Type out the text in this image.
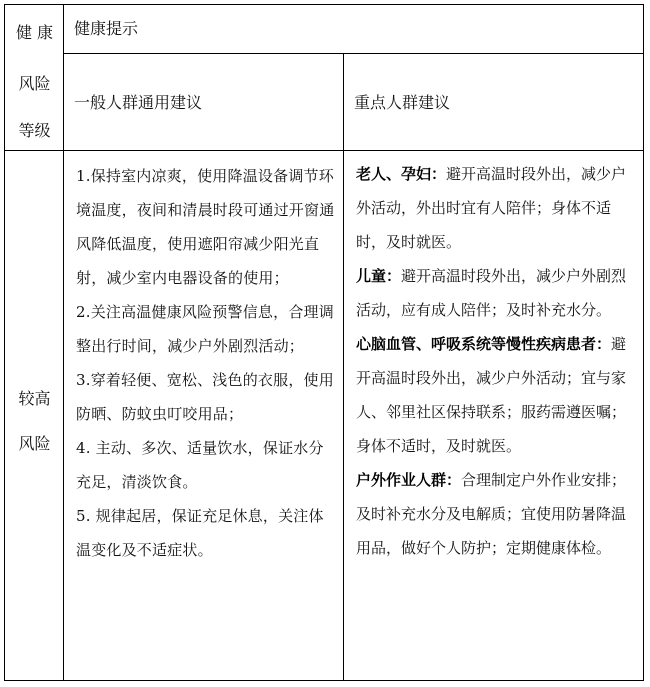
健 康
风险
等级
健康提示
一般人群通用建议	重点人群建议
较高
风险

1.保持室内凉爽，使用降温设备调节环境温度，夜间和清晨时段可通过开窗通风降低温度，使用遮阳帘减少阳光直射，减少室内电器设备的使用；

2.关注高温健康风险预警信息，合理调整出行时间，减少户外剧烈活动；

3.穿着轻便、宽松、浅色的衣服，使用防晒、防蚊虫叮咬用品；

4. 主动、多次、适量饮水，保证水分充足，清淡饮食。

5. 规律起居，保证充足休息，关注体温变化及不适症状。

老人、孕妇：避开高温时段外出，减少户外活动，外出时宜有人陪伴；身体不适时，及时就医。

儿童：避开高温时段外出，减少户外剧烈活动，应有成人陪伴；及时补充水分。

心脑血管、呼吸系统等慢性疾病患者：避开高温时段外出，减少户外活动；宜与家人、邻里社区保持联系；服药需遵医嘱；身体不适时，及时就医。

户外作业人群：合理制定户外作业安排；及时补充水分及电解质；宜使用防暑降温用品，做好个人防护；定期健康体检。
